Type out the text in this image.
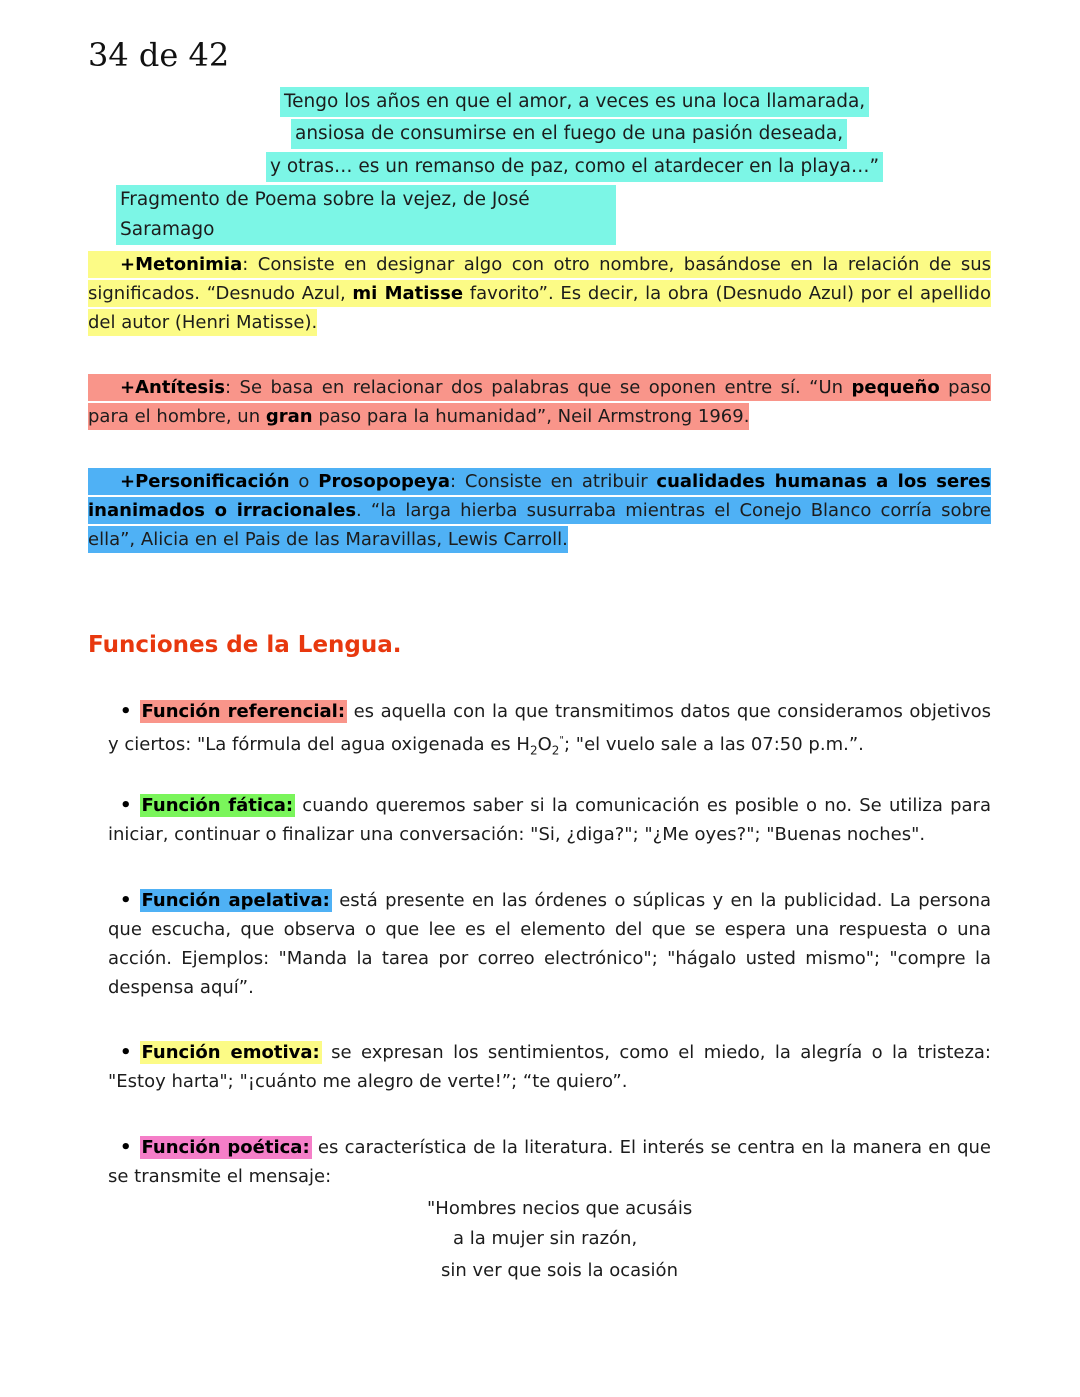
34 de 42
Tengo los años en que el amor, a veces es una loca llamarada,
ansiosa de consumirse en el fuego de una pasión deseada,
y otras… es un remanso de paz, como el atardecer en la playa…”
Fragmento de Poema sobre la vejez, de José Saramago
+Metonimia: Consiste en designar algo con otro nombre, basándose en la relación de sus significados. “Desnudo Azul, mi Matisse favorito”. Es decir, la obra (Desnudo Azul) por el apellido del autor (Henri Matisse).
+Antítesis: Se basa en relacionar dos palabras que se oponen entre sí. “Un pequeño paso para el hombre, un gran paso para la humanidad”, Neil Armstrong 1969.
+Personificación o Prosopopeya: Consiste en atribuir cualidades humanas a los seres inanimados o irracionales. “la larga hierba susurraba mientras el Conejo Blanco corría sobre ella”, Alicia en el Pais de las Maravillas, Lewis Carroll.
Funciones de la Lengua.
• Función referencial: es aquella con la que transmitimos datos que consideramos objetivos y ciertos: "La fórmula del agua oxigenada es $H_2O_2^"$; "el vuelo sale a las 07:50 p.m.”.
• Función fática: cuando queremos saber si la comunicación es posible o no. Se utiliza para iniciar, continuar o finalizar una conversación: "Si, ¿diga?"; "¿Me oyes?"; "Buenas noches".
• Función apelativa: está presente en las órdenes o súplicas y en la publicidad. La persona que escucha, que observa o que lee es el elemento del que se espera una respuesta o una acción. Ejemplos: "Manda la tarea por correo electrónico"; "hágalo usted mismo"; "compre la despensa aquí”.
• Función emotiva: se expresan los sentimientos, como el miedo, la alegría o la tristeza: "Estoy harta"; "¡cuánto me alegro de verte!”; “te quiero”.
• Función poética: es característica de la literatura. El interés se centra en la manera en que se transmite el mensaje:
"Hombres necios que acusáis
a la mujer sin razón,
sin ver que sois la ocasión
